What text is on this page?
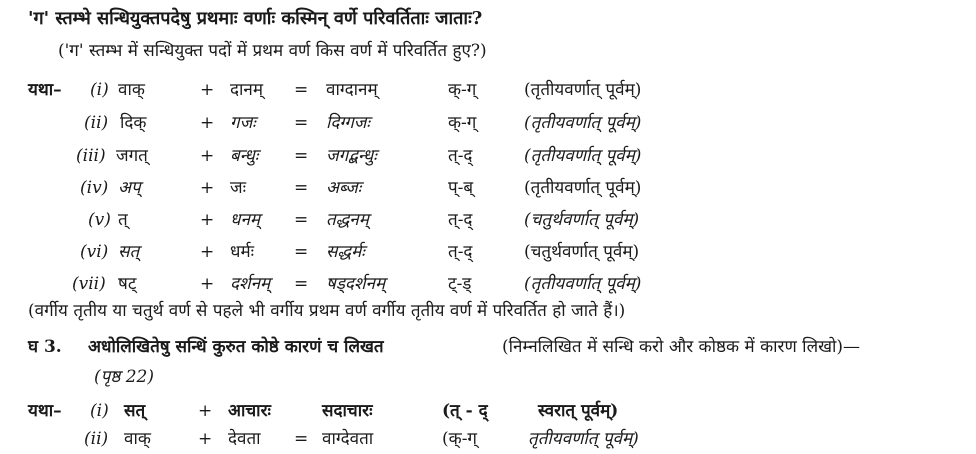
'ग' स्तम्भे सन्धियुक्तपदेषु प्रथमाः वर्णाः कस्मिन् वर्णे परिवर्तिताः जाताः?
('ग' स्तम्भ में सन्धियुक्त पदों में प्रथम वर्ण किस वर्ण में परिवर्तित हुए?)
यथा– (i) वाक्	+ दानम् = वाग्दानम्	क्-ग्	(तृतीयवर्णात् पूर्वम्)
(ii) दिक्	+ गजः = दिग्गजः	क्-ग्	(तृतीयवर्णात् पूर्वम्)
(iii) जगत्	+ बन्धुः = जगद्बन्धुः	त्-द्	(तृतीयवर्णात् पूर्वम्)
(iv) अप्	+ जः	= अब्जः	प्-ब्	(तृतीयवर्णात् पूर्वम्)
(v) त्	+ धनम् = तद्धनम्	त्-द्	(चतुर्थवर्णात् पूर्वम्)
(vi) सत्	+ धर्मः = सद्धर्मः	त्-द्	(चतुर्थवर्णात् पूर्वम्)
(vii) षट्	+ दर्शनम् = षड्दर्शनम्	ट्-ड्	(तृतीयवर्णात् पूर्वम्)
(वर्गीय तृतीय या चतुर्थ वर्ण से पहले भी वर्गीय प्रथम वर्ण वर्गीय तृतीय वर्ण में परिवर्तित हो जाते हैं।)
घ 3. अधोलिखितेषु सन्धिं कुरुत कोष्ठे कारणं च लिखत	(निम्नलिखित में सन्धि करो और कोष्ठक में कारण लिखो)—
(पृष्ठ 22)
यथा– (i) सत्	+ आचारः	सदाचारः	(त् - द्	स्वरात् पूर्वम्)
(ii) वाक्	+ देवता = वाग्देवता	(क्-ग्	तृतीयवर्णात् पूर्वम्)
